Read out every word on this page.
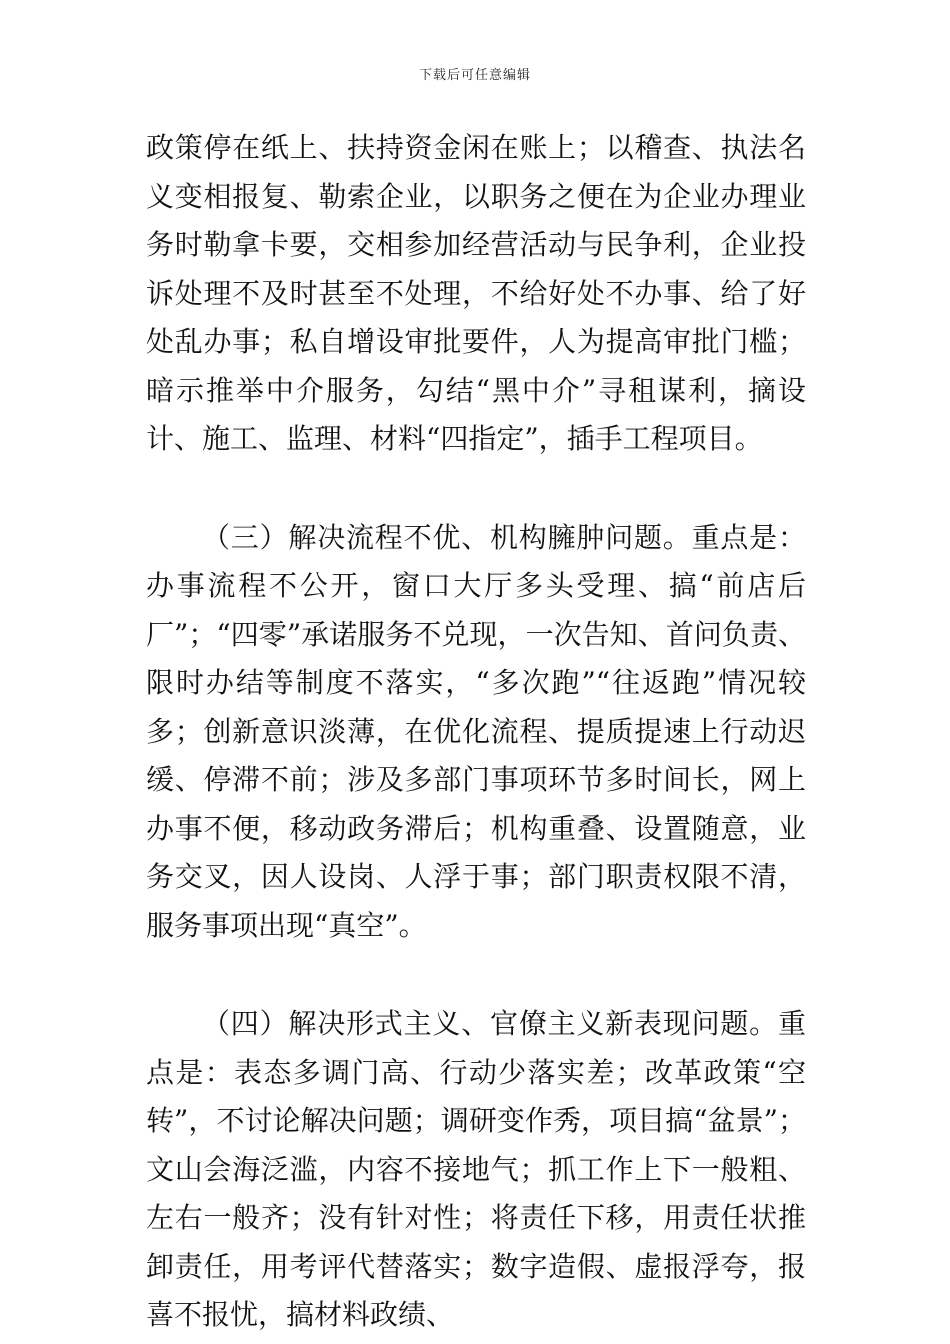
下载后可任意编辑

政策停在纸上、扶持资金闲在账上；以稽查、执法名义变相报复、勒索企业，以职务之便在为企业办理业务时勒拿卡要，交相参加经营活动与民争利，企业投诉处理不及时甚至不处理，不给好处不办事、给了好处乱办事；私自增设审批要件，人为提高审批门槛；暗示推举中介服务，勾结“黑中介”寻租谋利，摘设计、施工、监理、材料“四指定”，插手工程项目。

（三）解决流程不优、机构臃肿问题。重点是：办事流程不公开，窗口大厅多头受理、搞“前店后厂”；“四零”承诺服务不兑现，一次告知、首问负责、限时办结等制度不落实，“多次跑”“往返跑”情况较多；创新意识淡薄，在优化流程、提质提速上行动迟缓、停滞不前；涉及多部门事项环节多时间长，网上办事不便，移动政务滞后；机构重叠、设置随意，业务交叉，因人设岗、人浮于事；部门职责权限不清，服务事项出现“真空”。

（四）解决形式主义、官僚主义新表现问题。重点是：表态多调门高、行动少落实差；改革政策“空转”，不讨论解决问题；调研变作秀，项目搞“盆景”；文山会海泛滥，内容不接地气；抓工作上下一般粗、左右一般齐；没有针对性；将责任下移，用责任状推卸责任，用考评代替落实；数字造假、虚报浮夸，报喜不报忧，搞材料政绩、
